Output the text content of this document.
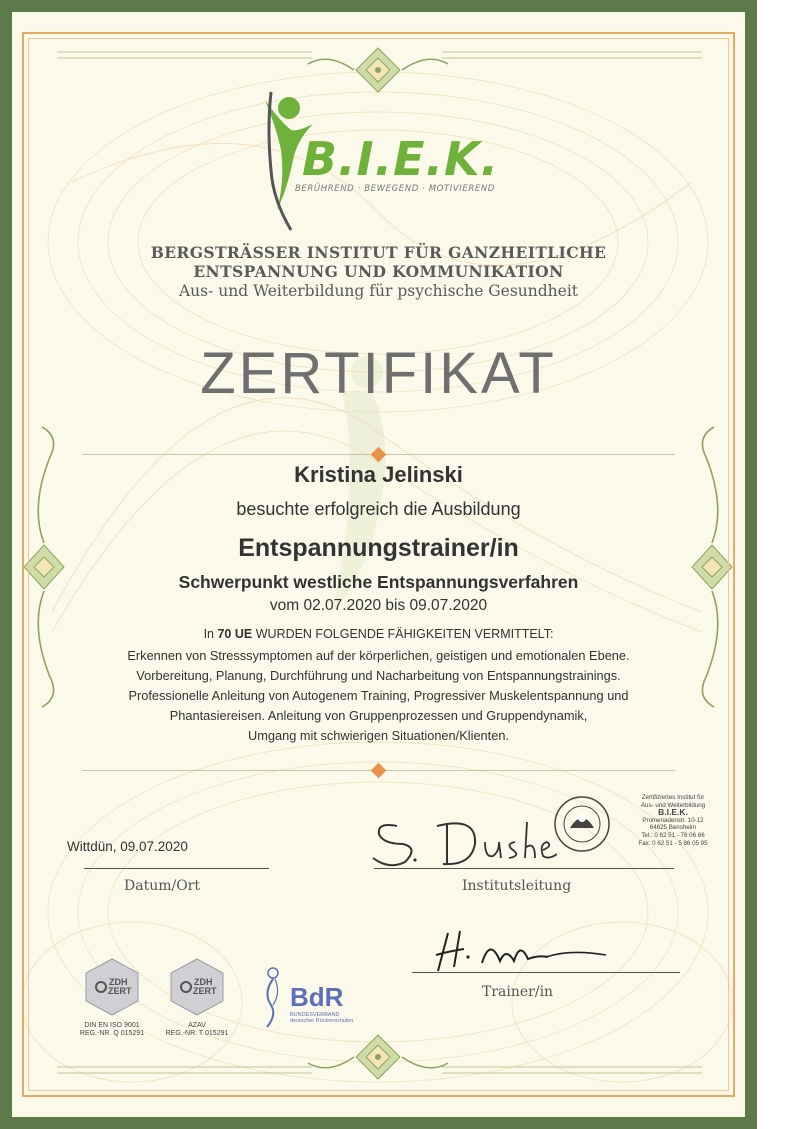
B.I.E.K.
BERÜHREND · BEWEGEND · MOTIVIEREND
BERGSTRÄSSER INSTITUT FÜR GANZHEITLICHE
ENTSPANNUNG UND KOMMUNIKATION
Aus- und Weiterbildung für psychische Gesundheit
ZERTIFIKAT
Kristina Jelinski
besuchte erfolgreich die Ausbildung
Entspannungstrainer/in
Schwerpunkt westliche Entspannungsverfahren
vom 02.07.2020 bis 09.07.2020
In 70 UE WURDEN FOLGENDE FÄHIGKEITEN VERMITTELT:
Erkennen von Stresssymptomen auf der körperlichen, geistigen und emotionalen Ebene.
Vorbereitung, Planung, Durchführung und Nacharbeitung von Entspannungstrainings.
Professionelle Anleitung von Autogenem Training, Progressiver Muskelentspannung und
Phantasiereisen. Anleitung von Gruppenprozessen und Gruppendynamik,
Umgang mit schwierigen Situationen/Klienten.
Wittdün, 09.07.2020
Datum/Ort	Institutsleitung
Zertifiziertes Institut für
Aus- und Weiterbildung
B.I.E.K.
Promenadenstr. 10-12
64625 Bensheim
Tel.: 0 62 51 - 78 06 66
Fax: 0 62 51 - 5 86 05 95
Trainer/in
ZDH
ZERT
DIN EN ISO 9001
REG.-NR. Q 015291
ZDH
ZERT
AZAV
REG.-NR. T 015291
BdR
BUNDESVERBAND
deutscher Rückenschulen
